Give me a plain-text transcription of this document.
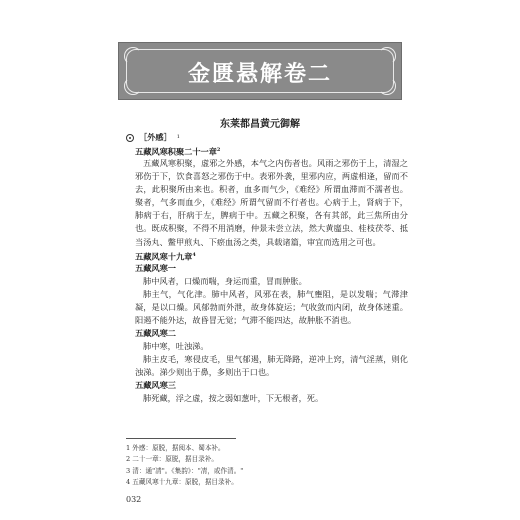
金匮悬解卷二
东莱都昌黄元御解
［外感］ 1
五藏风寒积聚二十一章$^2$
五藏风寒积聚，虚邪之外感，本气之内伤者也。风雨之邪伤于上，清湿之邪伤于下，饮食喜怒之邪伤于中。表邪外袭，里邪内应，两虚相逢，留而不去，此积聚所由来也。积者，血多而气少，《难经》所谓血滞而不濡者也。聚者，气多而血少，《难经》所谓气留而不行者也。心病于上，肾病于下，肺病于右，肝病于左，脾病于中。五藏之积聚，各有其部，此三焦所由分也。既成积聚，不得不用消磨，仲景未尝立法，然大黄䗪虫、桂枝茯苓、抵当汤丸、鳖甲煎丸、下瘀血汤之类，具载诸篇，审宜而选用之可也。
五藏风寒十九章$^4$
五藏风寒一
肺中风者，口燥而喘，身运而重，冒而肿胀。
肺主气，气化津。肺中风者，风邪在表，肺气壅阻，是以发喘；气滞津凝，是以口燥。风郁勃而外泄，故身体旋运；气收敛而内闭，故身体迷重。阳遏不能外达，故昏冒无觉；气滞不能四达，故肿胀不消也。
五藏风寒二
肺中寒，吐浊涕。
肺主皮毛，寒侵皮毛，里气郁遏，肺无降路，逆冲上窍，清气淫蒸，则化浊涕。涕少则出于鼻，多则出于口也。
五藏风寒三
肺死藏，浮之虚，按之弱如葱叶，下无根者，死。
1 外感：原脱，据阅本、蜀本补。
2 二十一章：原脱，据目录补。
3 清：通"凊"。《集韵》："凊，或作清。"
4 五藏风寒十九章：原脱，据目录补。
032
